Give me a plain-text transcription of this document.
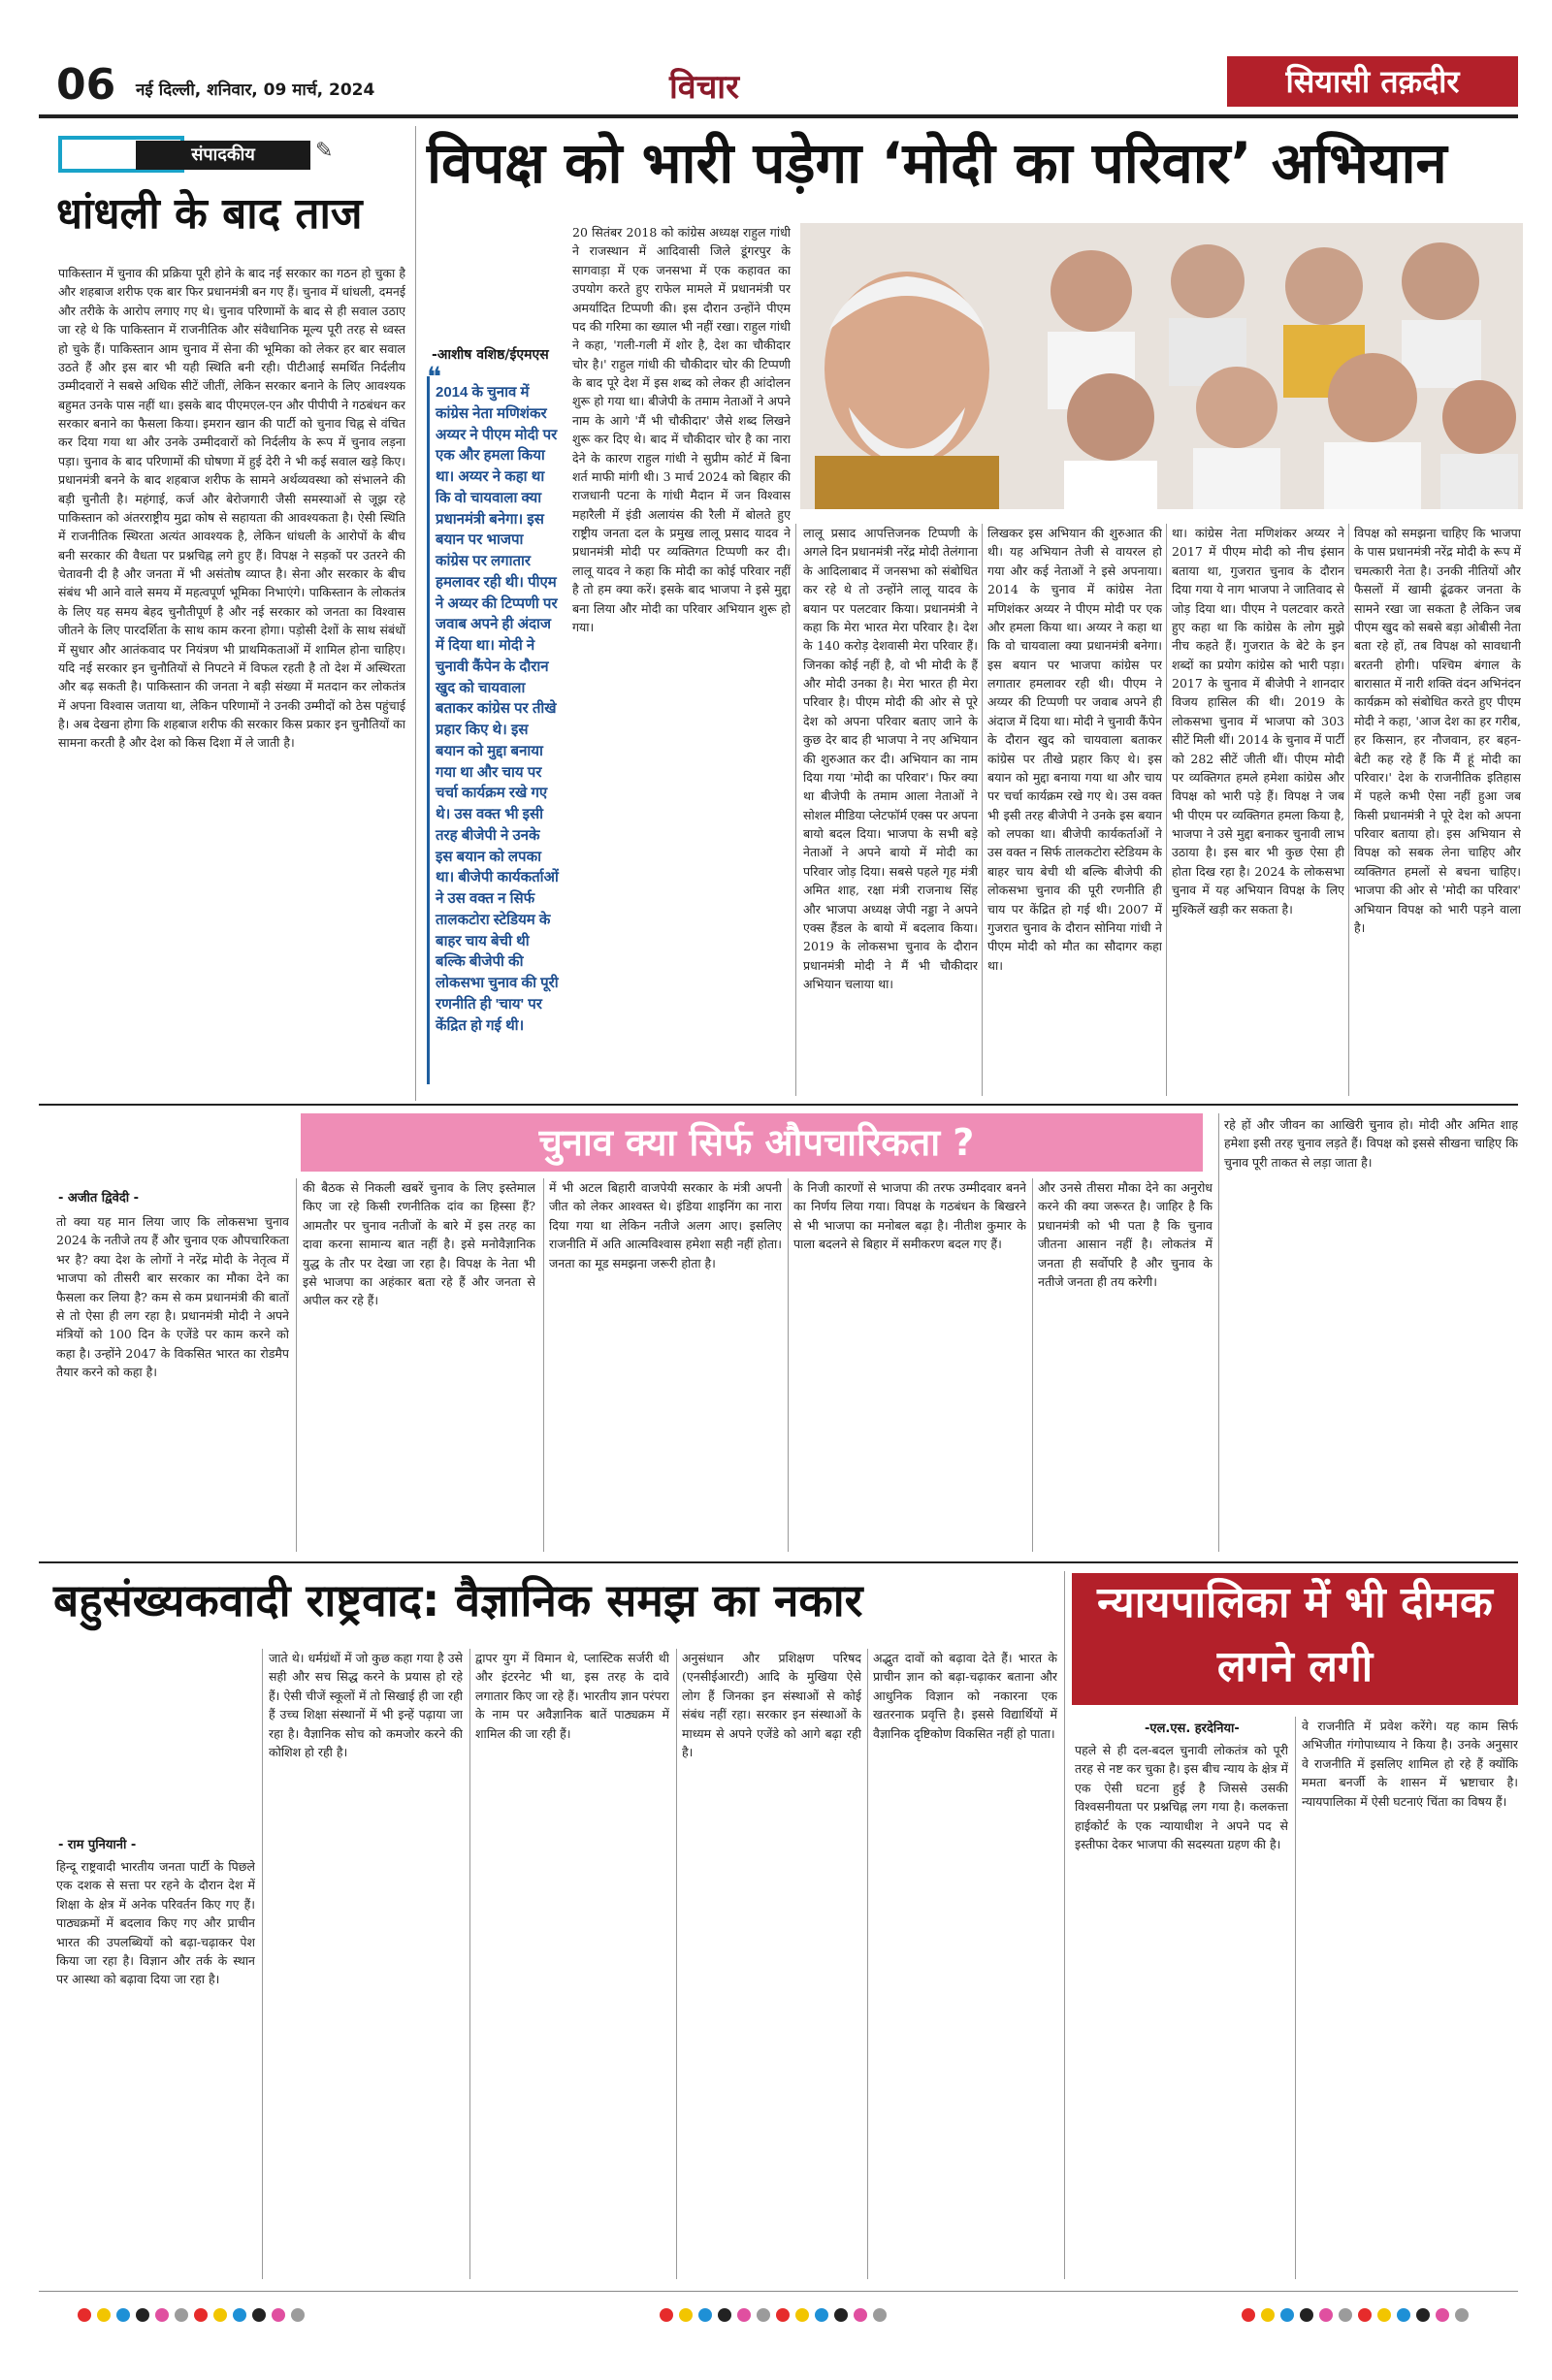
06 नई दिल्ली, शनिवार, 09 मार्च, 2024	विचार	सियासी तक़दीर
संपादकीय	✎
धांधली के बाद ताज
पाकिस्तान में चुनाव की प्रक्रिया पूरी होने के बाद नई सरकार का गठन हो चुका है और शहबाज शरीफ एक बार फिर प्रधानमंत्री बन गए हैं। चुनाव में धांधली, दमनई और तरीके के आरोप लगाए गए थे। चुनाव परिणामों के बाद से ही सवाल उठाए जा रहे थे कि पाकिस्तान में राजनीतिक और संवैधानिक मूल्य पूरी तरह से ध्वस्त हो चुके हैं। पाकिस्तान आम चुनाव में सेना की भूमिका को लेकर हर बार सवाल उठते हैं और इस बार भी यही स्थिति बनी रही। पीटीआई समर्थित निर्दलीय उम्मीदवारों ने सबसे अधिक सीटें जीतीं, लेकिन सरकार बनाने के लिए आवश्यक बहुमत उनके पास नहीं था। इसके बाद पीएमएल-एन और पीपीपी ने गठबंधन कर सरकार बनाने का फैसला किया। इमरान खान की पार्टी को चुनाव चिह्न से वंचित कर दिया गया था और उनके उम्मीदवारों को निर्दलीय के रूप में चुनाव लड़ना पड़ा। चुनाव के बाद परिणामों की घोषणा में हुई देरी ने भी कई सवाल खड़े किए। प्रधानमंत्री बनने के बाद शहबाज शरीफ के सामने अर्थव्यवस्था को संभालने की बड़ी चुनौती है। महंगाई, कर्ज और बेरोजगारी जैसी समस्याओं से जूझ रहे पाकिस्तान को अंतरराष्ट्रीय मुद्रा कोष से सहायता की आवश्यकता है। ऐसी स्थिति में राजनीतिक स्थिरता अत्यंत आवश्यक है, लेकिन धांधली के आरोपों के बीच बनी सरकार की वैधता पर प्रश्नचिह्न लगे हुए हैं। विपक्ष ने सड़कों पर उतरने की चेतावनी दी है और जनता में भी असंतोष व्याप्त है। सेना और सरकार के बीच संबंध भी आने वाले समय में महत्वपूर्ण भूमिका निभाएंगे। पाकिस्तान के लोकतंत्र के लिए यह समय बेहद चुनौतीपूर्ण है और नई सरकार को जनता का विश्वास जीतने के लिए पारदर्शिता के साथ काम करना होगा। पड़ोसी देशों के साथ संबंधों में सुधार और आतंकवाद पर नियंत्रण भी प्राथमिकताओं में शामिल होना चाहिए। यदि नई सरकार इन चुनौतियों से निपटने में विफल रहती है तो देश में अस्थिरता और बढ़ सकती है। पाकिस्तान की जनता ने बड़ी संख्या में मतदान कर लोकतंत्र में अपना विश्वास जताया था, लेकिन परिणामों ने उनकी उम्मीदों को ठेस पहुंचाई है। अब देखना होगा कि शहबाज शरीफ की सरकार किस प्रकार इन चुनौतियों का सामना करती है और देश को किस दिशा में ले जाती है।
विपक्ष को भारी पड़ेगा ‘मोदी का परिवार’ अभियान
-आशीष वशिष्ठ/ईएमएस
❝
2014 के चुनाव में कांग्रेस नेता मणिशंकर अय्यर ने पीएम मोदी पर एक और हमला किया था। अय्यर ने कहा था कि वो चायवाला क्या प्रधानमंत्री बनेगा। इस बयान पर भाजपा कांग्रेस पर लगातार हमलावर रही थी। पीएम ने अय्यर की टिप्पणी पर जवाब अपने ही अंदाज में दिया था। मोदी ने चुनावी कैंपेन के दौरान खुद को चायवाला बताकर कांग्रेस पर तीखे प्रहार किए थे। इस बयान को मुद्दा बनाया गया था और चाय पर चर्चा कार्यक्रम रखे गए थे। उस वक्त भी इसी तरह बीजेपी ने उनके इस बयान को लपका था। बीजेपी कार्यकर्ताओं ने उस वक्त न सिर्फ तालकटोरा स्टेडियम के बाहर चाय बेची थी बल्कि बीजेपी की लोकसभा चुनाव की पूरी रणनीति ही 'चाय' पर केंद्रित हो गई थी।
20 सितंबर 2018 को कांग्रेस अध्यक्ष राहुल गांधी ने राजस्थान में आदिवासी जिले डूंगरपुर के सागवाड़ा में एक जनसभा में एक कहावत का उपयोग करते हुए राफेल मामले में प्रधानमंत्री पर अमर्यादित टिप्पणी की। इस दौरान उन्होंने पीएम पद की गरिमा का ख्याल भी नहीं रखा। राहुल गांधी ने कहा, 'गली-गली में शोर है, देश का चौकीदार चोर है।' राहुल गांधी की चौकीदार चोर की टिप्पणी के बाद पूरे देश में इस शब्द को लेकर ही आंदोलन शुरू हो गया था। बीजेपी के तमाम नेताओं ने अपने नाम के आगे 'मैं भी चौकीदार' जैसे शब्द लिखने शुरू कर दिए थे। बाद में चौकीदार चोर है का नारा देने के कारण राहुल गांधी ने सुप्रीम कोर्ट में बिना शर्त माफी मांगी थी। 3 मार्च 2024 को बिहार की राजधानी पटना के गांधी मैदान में जन विश्वास महारैली में इंडी अलायंस की रैली में बोलते हुए राष्ट्रीय जनता दल के प्रमुख लालू प्रसाद यादव ने प्रधानमंत्री मोदी पर व्यक्तिगत टिप्पणी कर दी। लालू यादव ने कहा कि मोदी का कोई परिवार नहीं है तो हम क्या करें। इसके बाद भाजपा ने इसे मुद्दा बना लिया और मोदी का परिवार अभियान शुरू हो गया।
लालू प्रसाद आपत्तिजनक टिप्पणी के अगले दिन प्रधानमंत्री नरेंद्र मोदी तेलंगाना के आदिलाबाद में जनसभा को संबोधित कर रहे थे तो उन्होंने लालू यादव के बयान पर पलटवार किया। प्रधानमंत्री ने कहा कि मेरा भारत मेरा परिवार है। देश के 140 करोड़ देशवासी मेरा परिवार हैं। जिनका कोई नहीं है, वो भी मोदी के हैं और मोदी उनका है। मेरा भारत ही मेरा परिवार है। पीएम मोदी की ओर से पूरे देश को अपना परिवार बताए जाने के कुछ देर बाद ही भाजपा ने नए अभियान की शुरुआत कर दी। अभियान का नाम दिया गया 'मोदी का परिवार'। फिर क्या था बीजेपी के तमाम आला नेताओं ने सोशल मीडिया प्लेटफॉर्म एक्स पर अपना बायो बदल दिया। भाजपा के सभी बड़े नेताओं ने अपने बायो में मोदी का परिवार जोड़ दिया। सबसे पहले गृह मंत्री अमित शाह, रक्षा मंत्री राजनाथ सिंह और भाजपा अध्यक्ष जेपी नड्डा ने अपने एक्स हैंडल के बायो में बदलाव किया। 2019 के लोकसभा चुनाव के दौरान प्रधानमंत्री मोदी ने मैं भी चौकीदार अभियान चलाया था।
लिखकर इस अभियान की शुरुआत की थी। यह अभियान तेजी से वायरल हो गया और कई नेताओं ने इसे अपनाया। 2014 के चुनाव में कांग्रेस नेता मणिशंकर अय्यर ने पीएम मोदी पर एक और हमला किया था। अय्यर ने कहा था कि वो चायवाला क्या प्रधानमंत्री बनेगा। इस बयान पर भाजपा कांग्रेस पर लगातार हमलावर रही थी। पीएम ने अय्यर की टिप्पणी पर जवाब अपने ही अंदाज में दिया था। मोदी ने चुनावी कैंपेन के दौरान खुद को चायवाला बताकर कांग्रेस पर तीखे प्रहार किए थे। इस बयान को मुद्दा बनाया गया था और चाय पर चर्चा कार्यक्रम रखे गए थे। उस वक्त भी इसी तरह बीजेपी ने उनके इस बयान को लपका था। बीजेपी कार्यकर्ताओं ने उस वक्त न सिर्फ तालकटोरा स्टेडियम के बाहर चाय बेची थी बल्कि बीजेपी की लोकसभा चुनाव की पूरी रणनीति ही चाय पर केंद्रित हो गई थी। 2007 में गुजरात चुनाव के दौरान सोनिया गांधी ने पीएम मोदी को मौत का सौदागर कहा था।
था। कांग्रेस नेता मणिशंकर अय्यर ने 2017 में पीएम मोदी को नीच इंसान बताया था, गुजरात चुनाव के दौरान दिया गया ये नाग भाजपा ने जातिवाद से जोड़ दिया था। पीएम ने पलटवार करते हुए कहा था कि कांग्रेस के लोग मुझे नीच कहते हैं। गुजरात के बेटे के इन शब्दों का प्रयोग कांग्रेस को भारी पड़ा। 2017 के चुनाव में बीजेपी ने शानदार विजय हासिल की थी। 2019 के लोकसभा चुनाव में भाजपा को 303 सीटें मिली थीं। 2014 के चुनाव में पार्टी को 282 सीटें जीती थीं। पीएम मोदी पर व्यक्तिगत हमले हमेशा कांग्रेस और विपक्ष को भारी पड़े हैं। विपक्ष ने जब भी पीएम पर व्यक्तिगत हमला किया है, भाजपा ने उसे मुद्दा बनाकर चुनावी लाभ उठाया है। इस बार भी कुछ ऐसा ही होता दिख रहा है। 2024 के लोकसभा चुनाव में यह अभियान विपक्ष के लिए मुश्किलें खड़ी कर सकता है।
विपक्ष को समझना चाहिए कि भाजपा के पास प्रधानमंत्री नरेंद्र मोदी के रूप में चमत्कारी नेता है। उनकी नीतियों और फैसलों में खामी ढूंढकर जनता के सामने रखा जा सकता है लेकिन जब पीएम खुद को सबसे बड़ा ओबीसी नेता बता रहे हों, तब विपक्ष को सावधानी बरतनी होगी। पश्चिम बंगाल के बारासात में नारी शक्ति वंदन अभिनंदन कार्यक्रम को संबोधित करते हुए पीएम मोदी ने कहा, 'आज देश का हर गरीब, हर किसान, हर नौजवान, हर बहन-बेटी कह रहे हैं कि मैं हूं मोदी का परिवार।' देश के राजनीतिक इतिहास में पहले कभी ऐसा नहीं हुआ जब किसी प्रधानमंत्री ने पूरे देश को अपना परिवार बताया हो। इस अभियान से विपक्ष को सबक लेना चाहिए और व्यक्तिगत हमलों से बचना चाहिए। भाजपा की ओर से 'मोदी का परिवार' अभियान विपक्ष को भारी पड़ने वाला है।
चुनाव क्या सिर्फ औपचारिकता ?
- अजीत द्विवेदी -
तो क्या यह मान लिया जाए कि लोकसभा चुनाव 2024 के नतीजे तय हैं और चुनाव एक औपचारिकता भर है? क्या देश के लोगों ने नरेंद्र मोदी के नेतृत्व में भाजपा को तीसरी बार सरकार का मौका देने का फैसला कर लिया है? कम से कम प्रधानमंत्री की बातों से तो ऐसा ही लग रहा है। प्रधानमंत्री मोदी ने अपने मंत्रियों को 100 दिन के एजेंडे पर काम करने को कहा है। उन्होंने 2047 के विकसित भारत का रोडमैप तैयार करने को कहा है।
की बैठक से निकली खबरें चुनाव के लिए इस्तेमाल किए जा रहे किसी रणनीतिक दांव का हिस्सा हैं? आमतौर पर चुनाव नतीजों के बारे में इस तरह का दावा करना सामान्य बात नहीं है। इसे मनोवैज्ञानिक युद्ध के तौर पर देखा जा रहा है। विपक्ष के नेता भी इसे भाजपा का अहंकार बता रहे हैं और जनता से अपील कर रहे हैं।
में भी अटल बिहारी वाजपेयी सरकार के मंत्री अपनी जीत को लेकर आश्वस्त थे। इंडिया शाइनिंग का नारा दिया गया था लेकिन नतीजे अलग आए। इसलिए राजनीति में अति आत्मविश्वास हमेशा सही नहीं होता। जनता का मूड समझना जरूरी होता है।
के निजी कारणों से भाजपा की तरफ उम्मीदवार बनने का निर्णय लिया गया। विपक्ष के गठबंधन के बिखरने से भी भाजपा का मनोबल बढ़ा है। नीतीश कुमार के पाला बदलने से बिहार में समीकरण बदल गए हैं।
और उनसे तीसरा मौका देने का अनुरोध करने की क्या जरूरत है। जाहिर है कि प्रधानमंत्री को भी पता है कि चुनाव जीतना आसान नहीं है। लोकतंत्र में जनता ही सर्वोपरि है और चुनाव के नतीजे जनता ही तय करेगी।
रहे हों और जीवन का आखिरी चुनाव हो। मोदी और अमित शाह हमेशा इसी तरह चुनाव लड़ते हैं। विपक्ष को इससे सीखना चाहिए कि चुनाव पूरी ताकत से लड़ा जाता है।
बहुसंख्यकवादी राष्ट्रवाद: वैज्ञानिक समझ का नकार
- राम पुनियानी -
हिन्दू राष्ट्रवादी भारतीय जनता पार्टी के पिछले एक दशक से सत्ता पर रहने के दौरान देश में शिक्षा के क्षेत्र में अनेक परिवर्तन किए गए हैं। पाठ्यक्रमों में बदलाव किए गए और प्राचीन भारत की उपलब्धियों को बढ़ा-चढ़ाकर पेश किया जा रहा है। विज्ञान और तर्क के स्थान पर आस्था को बढ़ावा दिया जा रहा है।
जाते थे। धर्मग्रंथों में जो कुछ कहा गया है उसे सही और सच सिद्ध करने के प्रयास हो रहे हैं। ऐसी चीजें स्कूलों में तो सिखाई ही जा रही हैं उच्च शिक्षा संस्थानों में भी इन्हें पढ़ाया जा रहा है। वैज्ञानिक सोच को कमजोर करने की कोशिश हो रही है।
द्वापर युग में विमान थे, प्लास्टिक सर्जरी थी और इंटरनेट भी था, इस तरह के दावे लगातार किए जा रहे हैं। भारतीय ज्ञान परंपरा के नाम पर अवैज्ञानिक बातें पाठ्यक्रम में शामिल की जा रही हैं।
अनुसंधान और प्रशिक्षण परिषद (एनसीईआरटी) आदि के मुखिया ऐसे लोग हैं जिनका इन संस्थाओं से कोई संबंध नहीं रहा। सरकार इन संस्थाओं के माध्यम से अपने एजेंडे को आगे बढ़ा रही है।
अद्भुत दावों को बढ़ावा देते हैं। भारत के प्राचीन ज्ञान को बढ़ा-चढ़ाकर बताना और आधुनिक विज्ञान को नकारना एक खतरनाक प्रवृत्ति है। इससे विद्यार्थियों में वैज्ञानिक दृष्टिकोण विकसित नहीं हो पाता।
न्यायपालिका में भी दीमक लगने लगी
-एल.एस. हरदेनिया-
पहले से ही दल-बदल चुनावी लोकतंत्र को पूरी तरह से नष्ट कर चुका है। इस बीच न्याय के क्षेत्र में एक ऐसी घटना हुई है जिससे उसकी विश्वसनीयता पर प्रश्नचिह्न लग गया है। कलकत्ता हाईकोर्ट के एक न्यायाधीश ने अपने पद से इस्तीफा देकर भाजपा की सदस्यता ग्रहण की है।
वे राजनीति में प्रवेश करेंगे। यह काम सिर्फ अभिजीत गंगोपाध्याय ने किया है। उनके अनुसार वे राजनीति में इसलिए शामिल हो रहे हैं क्योंकि ममता बनर्जी के शासन में भ्रष्टाचार है। न्यायपालिका में ऐसी घटनाएं चिंता का विषय हैं।
